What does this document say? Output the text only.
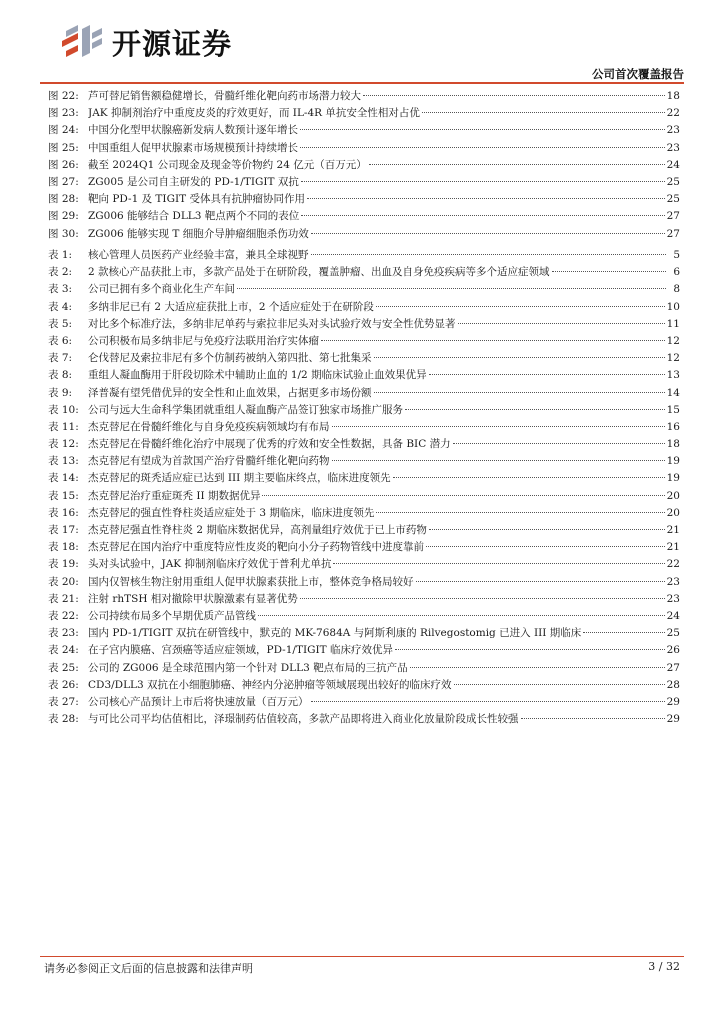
开源证券
公司首次覆盖报告
图 22: 芦可替尼销售额稳健增长，骨髓纤维化靶向药市场潜力较大	18
图 23: JAK 抑制剂治疗中重度皮炎的疗效更好，而 IL-4R 单抗安全性相对占优	22
图 24: 中国分化型甲状腺癌新发病人数预计逐年增长	23
图 25: 中国重组人促甲状腺素市场规模预计持续增长	23
图 26: 截至 2024Q1 公司现金及现金等价物约 24 亿元（百万元）	24
图 27: ZG005 是公司自主研发的 PD-1/TIGIT 双抗	25
图 28: 靶向 PD-1 及 TIGIT 受体具有抗肿瘤协同作用	25
图 29: ZG006 能够结合 DLL3 靶点两个不同的表位	27
图 30: ZG006 能够实现 T 细胞介导肿瘤细胞杀伤功效	27
表 1:	核心管理人员医药产业经验丰富，兼具全球视野	5
表 2:	2 款核心产品获批上市，多款产品处于在研阶段，覆盖肿瘤、出血及自身免疫疾病等多个适应症领域	6
表 3:	公司已拥有多个商业化生产车间	8
表 4:	多纳非尼已有 2 大适应症获批上市，2 个适应症处于在研阶段	10
表 5:	对比多个标准疗法，多纳非尼单药与索拉非尼头对头试验疗效与安全性优势显著	11
表 6:	公司积极布局多纳非尼与免疫疗法联用治疗实体瘤	12
表 7:	仑伐替尼及索拉非尼有多个仿制药被纳入第四批、第七批集采	12
表 8:	重组人凝血酶用于肝段切除术中辅助止血的 1/2 期临床试验止血效果优异	13
表 9:	泽普凝有望凭借优异的安全性和止血效果，占据更多市场份额	14
表 10: 公司与远大生命科学集团就重组人凝血酶产品签订独家市场推广服务	15
表 11: 杰克替尼在骨髓纤维化与自身免疫疾病领域均有布局	16
表 12: 杰克替尼在骨髓纤维化治疗中展现了优秀的疗效和安全性数据，具备 BIC 潜力	18
表 13: 杰克替尼有望成为首款国产治疗骨髓纤维化靶向药物	19
表 14: 杰克替尼的斑秃适应症已达到 III 期主要临床终点，临床进度领先	19
表 15: 杰克替尼治疗重症斑秃 II 期数据优异	20
表 16: 杰克替尼的强直性脊柱炎适应症处于 3 期临床，临床进度领先	20
表 17: 杰克替尼强直性脊柱炎 2 期临床数据优异，高剂量组疗效优于已上市药物	21
表 18: 杰克替尼在国内治疗中重度特应性皮炎的靶向小分子药物管线中进度靠前	21
表 19: 头对头试验中，JAK 抑制剂临床疗效优于普利尤单抗	22
表 20: 国内仅智核生物注射用重组人促甲状腺素获批上市，整体竞争格局较好	23
表 21: 注射 rhTSH 相对撤除甲状腺激素有显著优势	23
表 22: 公司持续布局多个早期优质产品管线	24
表 23: 国内 PD-1/TIGIT 双抗在研管线中，默克的 MK-7684A 与阿斯利康的 Rilvegostomig 已进入 III 期临床	25
表 24: 在子宫内膜癌、宫颈癌等适应症领域，PD-1/TIGIT 临床疗效优异	26
表 25: 公司的 ZG006 是全球范围内第一个针对 DLL3 靶点布局的三抗产品	27
表 26: CD3/DLL3 双抗在小细胞肺癌、神经内分泌肿瘤等领域展现出较好的临床疗效	28
表 27: 公司核心产品预计上市后将快速放量（百万元）	29
表 28: 与可比公司平均估值相比，泽璟制药估值较高，多款产品即将进入商业化放量阶段成长性较强	29
请务必参阅正文后面的信息披露和法律声明	3 / 32
